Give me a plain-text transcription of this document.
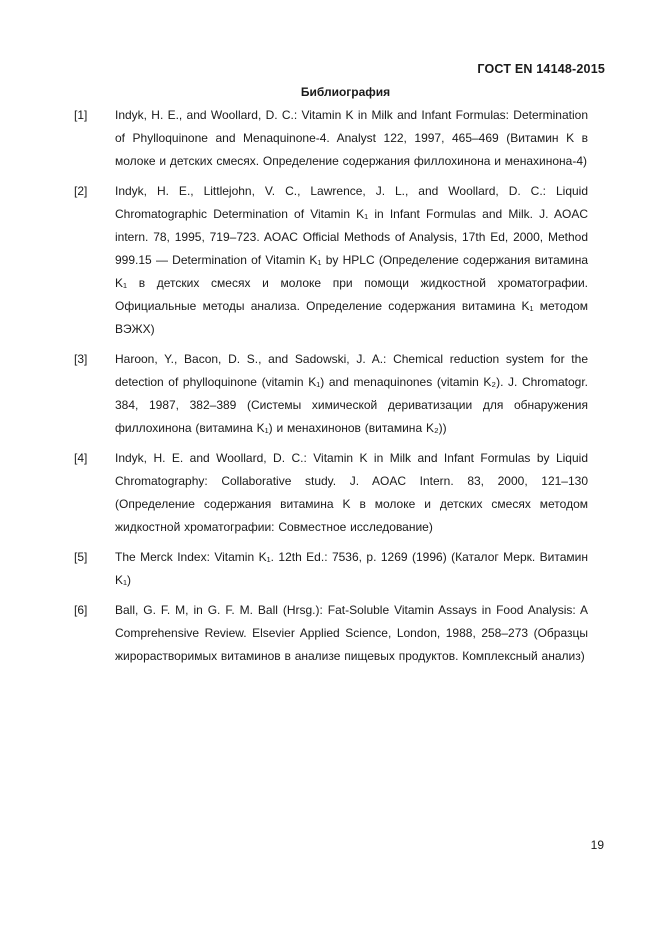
ГОСТ EN 14148-2015
Библиография
[1]	Indyk, H. E., and Woollard, D. C.: Vitamin K in Milk and Infant Formulas: Determination of Phylloquinone and Menaquinone-4. Analyst 122, 1997, 465–469 (Витамин K в молоке и детских смесях. Определение содержания филлохинона и менахинона-4)
[2]	Indyk, H. E., Littlejohn, V. C., Lawrence, J. L., and Woollard, D. C.: Liquid Chromatographic Determination of Vitamin K₁ in Infant Formulas and Milk. J. AOAC intern. 78, 1995, 719–723. AOAC Official Methods of Analysis, 17th Ed, 2000, Method 999.15 — Determination of Vitamin K₁ by HPLC (Определение содержания витамина K₁ в детских смесях и молоке при помощи жидкостной хроматографии. Официальные методы анализа. Определение содержания витамина K₁ методом ВЭЖХ)
[3]	Haroon, Y., Bacon, D. S., and Sadowski, J. A.: Chemical reduction system for the detection of phylloquinone (vitamin K₁) and menaquinones (vitamin K₂). J. Chromatogr. 384, 1987, 382–389 (Системы химической дериватизации для обнаружения филлохинона (витамина K₁) и менахинонов (витамина K₂))
[4]	Indyk, H. E. and Woollard, D. C.: Vitamin K in Milk and Infant Formulas by Liquid Chromatography: Collaborative study. J. AOAC Intern. 83, 2000, 121–130 (Определение содержания витамина K в молоке и детских смесях методом жидкостной хроматографии: Совместное исследование)
[5]	The Merck Index: Vitamin K₁. 12th Ed.: 7536, p. 1269 (1996) (Каталог Мерк. Витамин K₁)
[6]	Ball, G. F. M, in G. F. M. Ball (Hrsg.): Fat-Soluble Vitamin Assays in Food Analysis: A Comprehensive Review. Elsevier Applied Science, London, 1988, 258–273 (Образцы жирорастворимых витаминов в анализе пищевых продуктов. Комплексный анализ)
19
